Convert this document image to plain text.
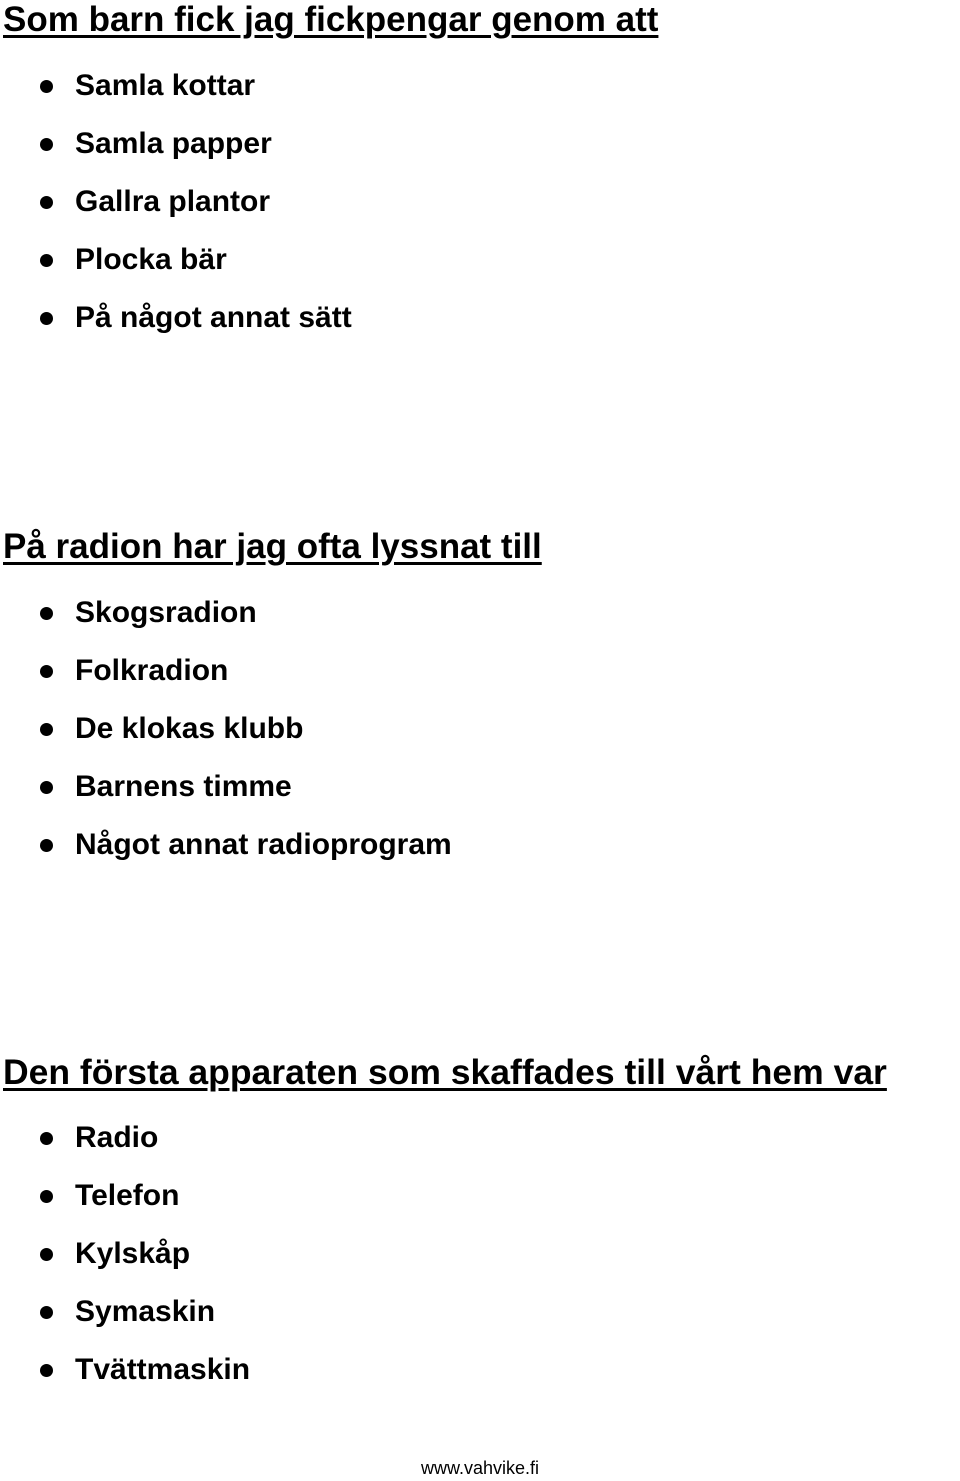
Som barn fick jag fickpengar genom att
Samla kottar
Samla papper
Gallra plantor
Plocka bär
På något annat sätt
På radion har jag ofta lyssnat till
Skogsradion
Folkradion
De klokas klubb
Barnens timme
Något annat radioprogram
Den första apparaten som skaffades till vårt hem var
Radio
Telefon
Kylskåp
Symaskin
Tvättmaskin
www.vahvike.fi
